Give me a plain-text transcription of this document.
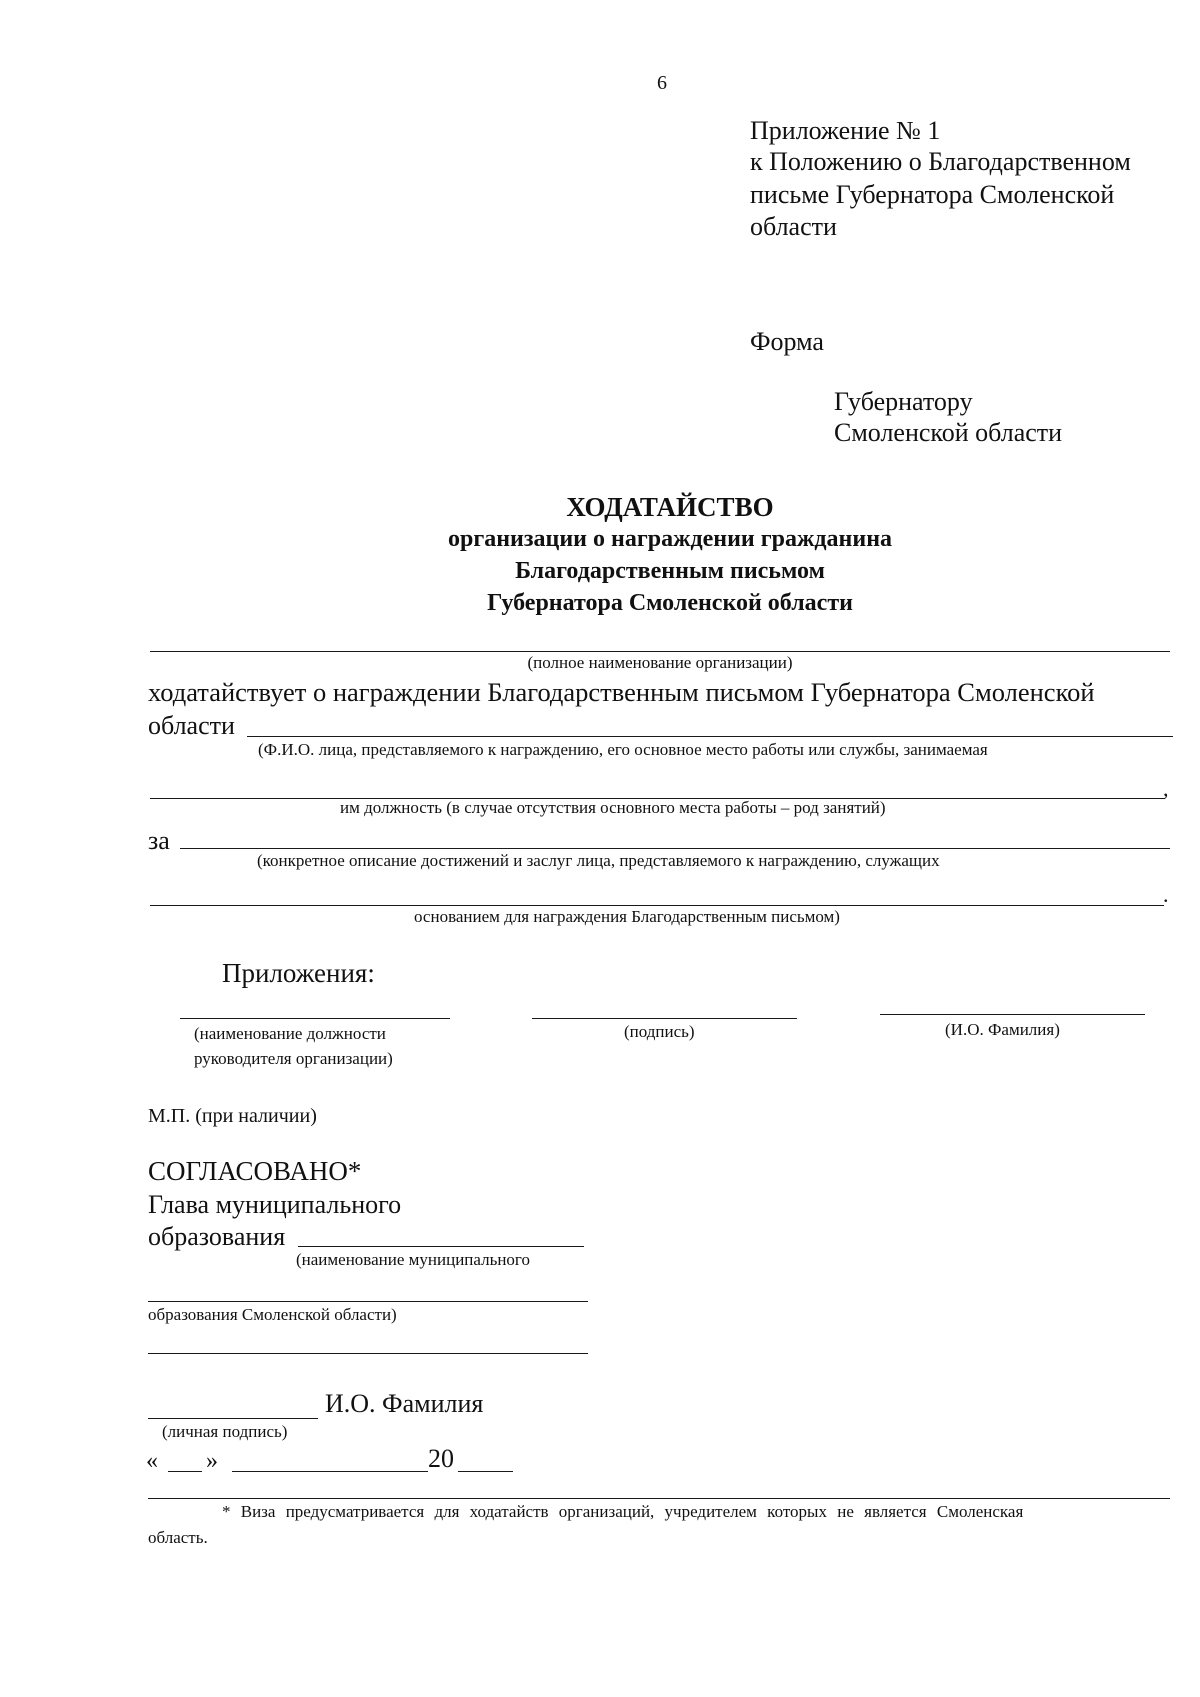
6
Приложение № 1
к Положению о Благодарственном
письме Губернатора Смоленской
области
Форма
Губернатору
Смоленской области
ХОДАТАЙСТВО
организации о награждении гражданина
Благодарственным письмом
Губернатора Смоленской области
(полное наименование организации)
ходатайствует о награждении Благодарственным письмом Губернатора Смоленской
области
(Ф.И.О. лица, представляемого к награждению, его основное место работы или службы, занимаемая
,
им должность (в случае отсутствия основного места работы – род занятий)
за
(конкретное описание достижений и заслуг лица, представляемого к награждению, служащих
.
основанием для награждения Благодарственным письмом)
Приложения:
(наименование должности
руководителя организации)
(подпись)	(И.О. Фамилия)
М.П. (при наличии)
СОГЛАСОВАНО*
Глава муниципального
образования
(наименование муниципального
образования Смоленской области)
И.О. Фамилия
(личная подпись)
« »	20
* Виза предусматривается для ходатайств организаций, учредителем которых не является Смоленская
область.
